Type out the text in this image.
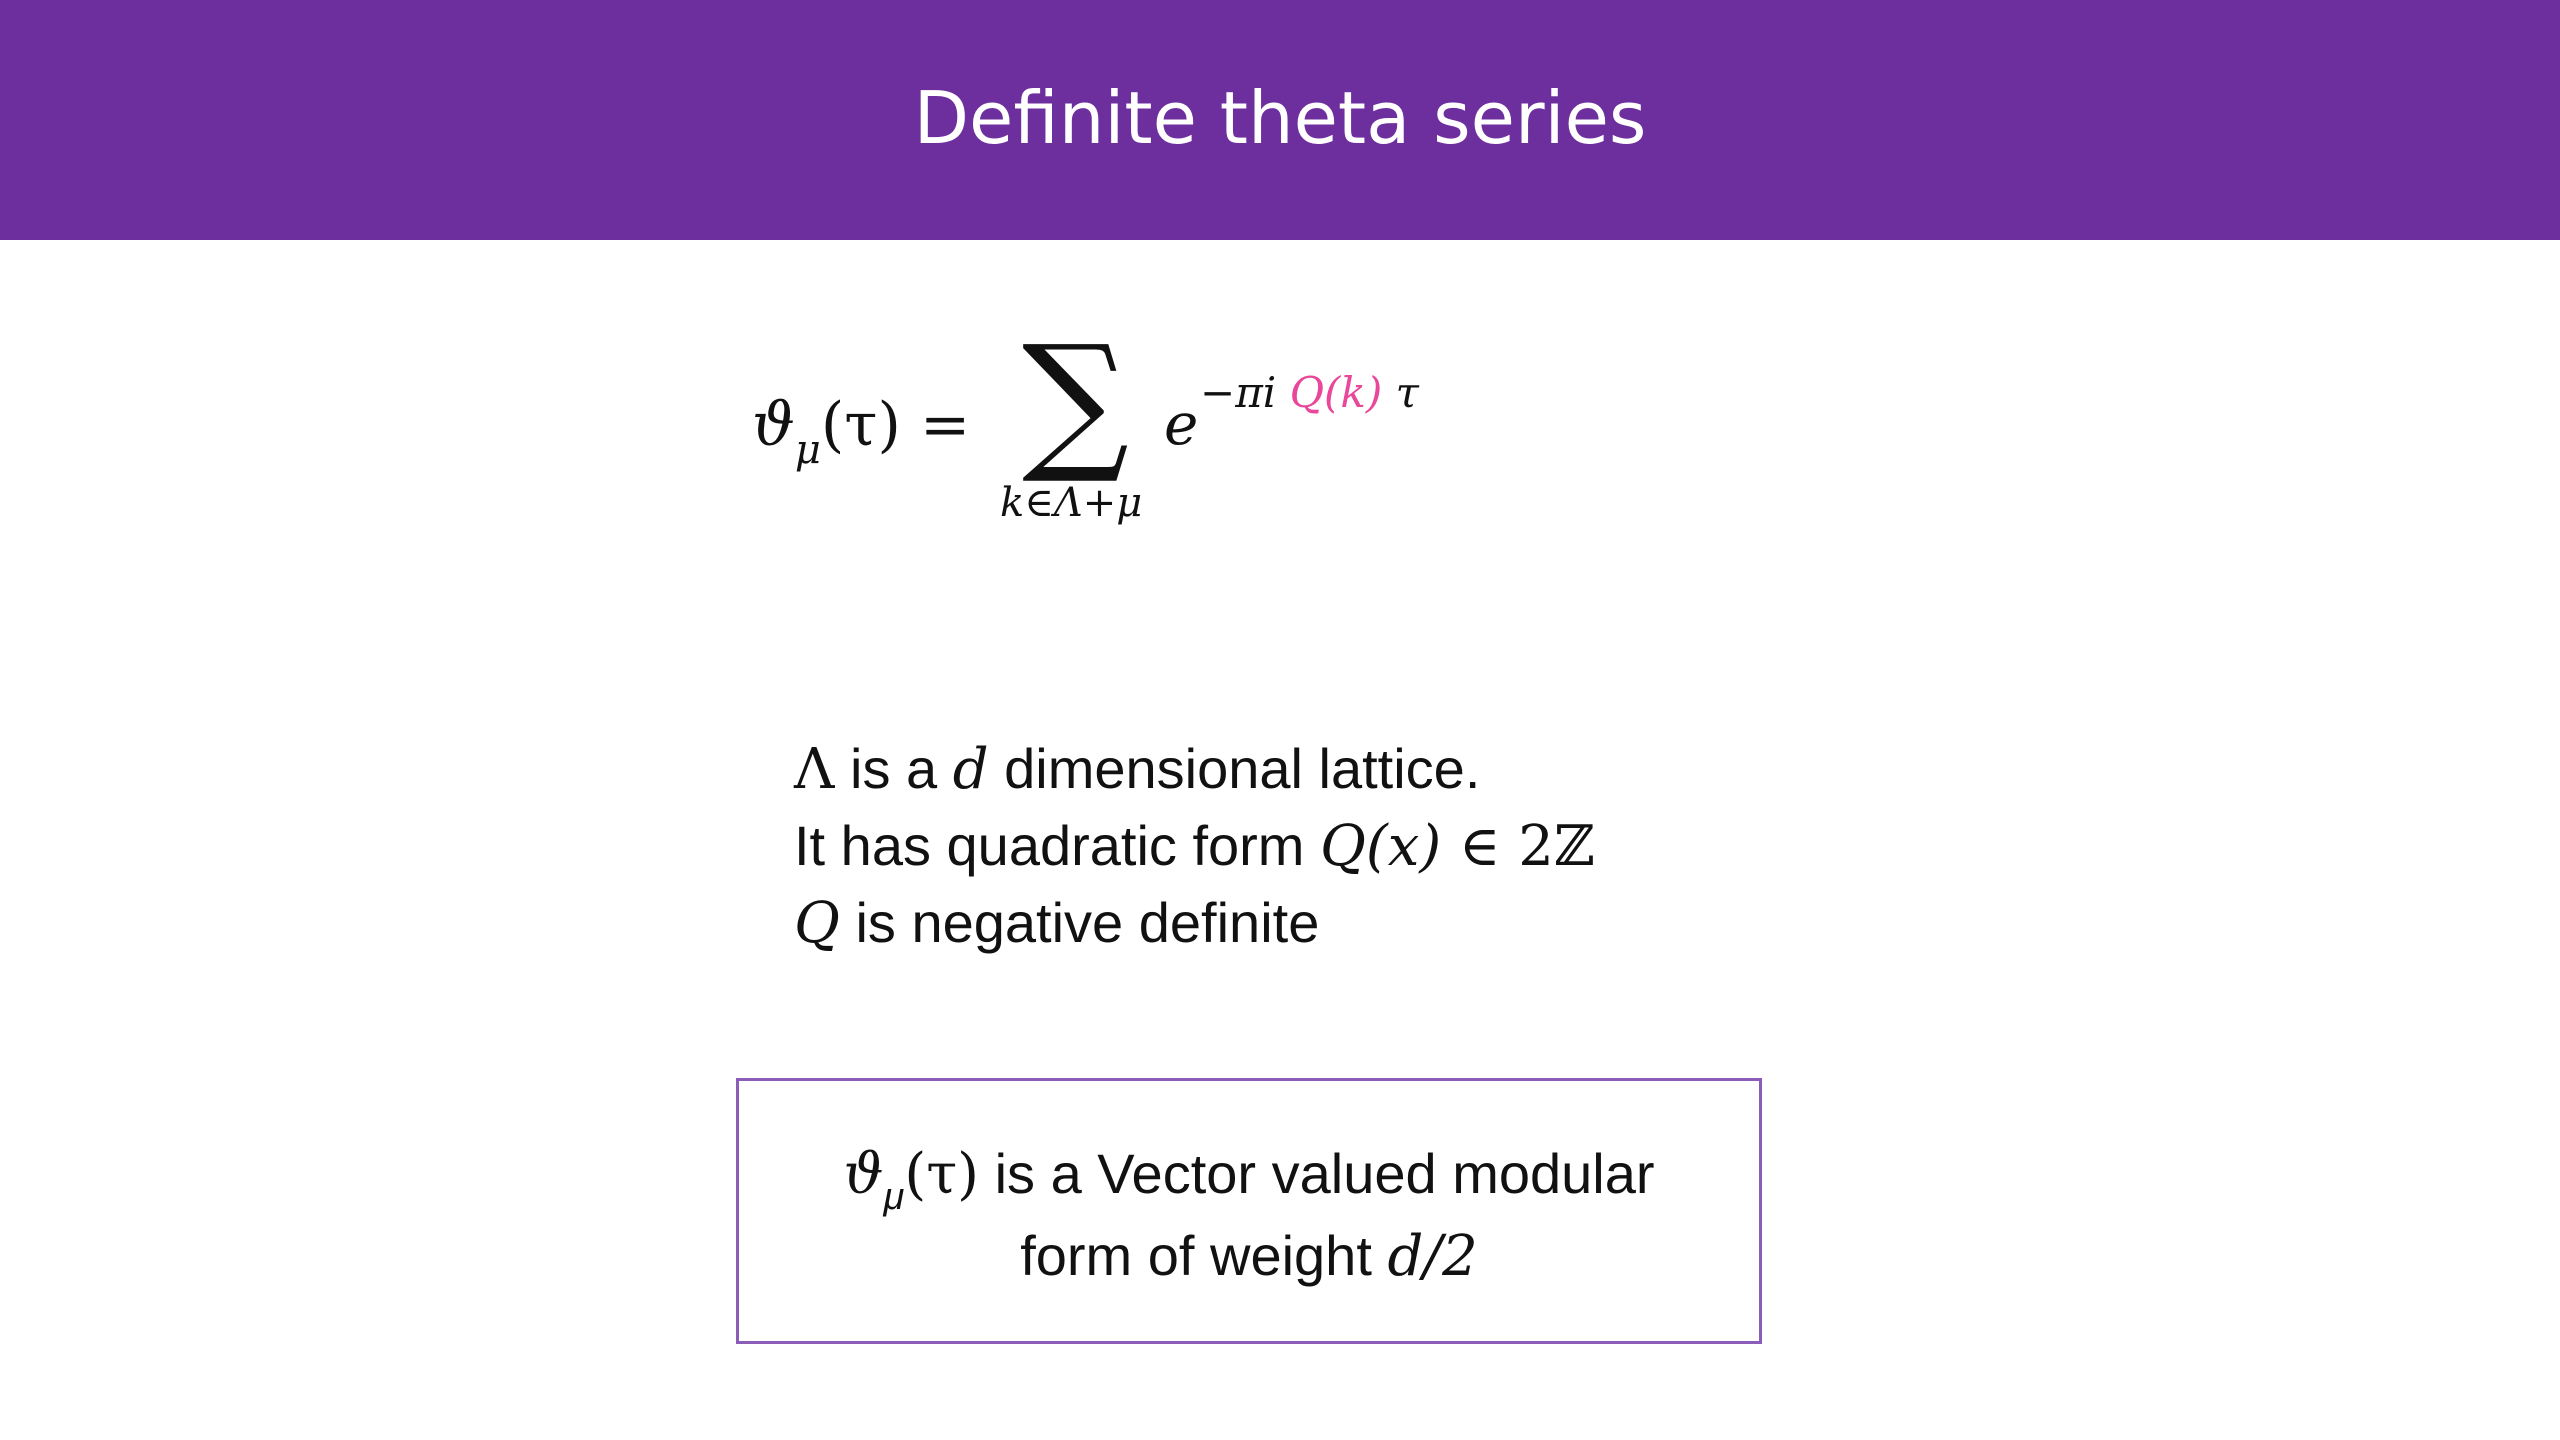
Definite theta series
$ϑ_\mu(\tau)$ = ∑
k∈Λ+μ
e −πi Q(k) τ
Λ is a d dimensional lattice.
It has quadratic form Q(x) ∈ 2ℤ
Q is negative definite
$ϑ_\mu(\tau)$ is a Vector valued modular
form of weight d/2
